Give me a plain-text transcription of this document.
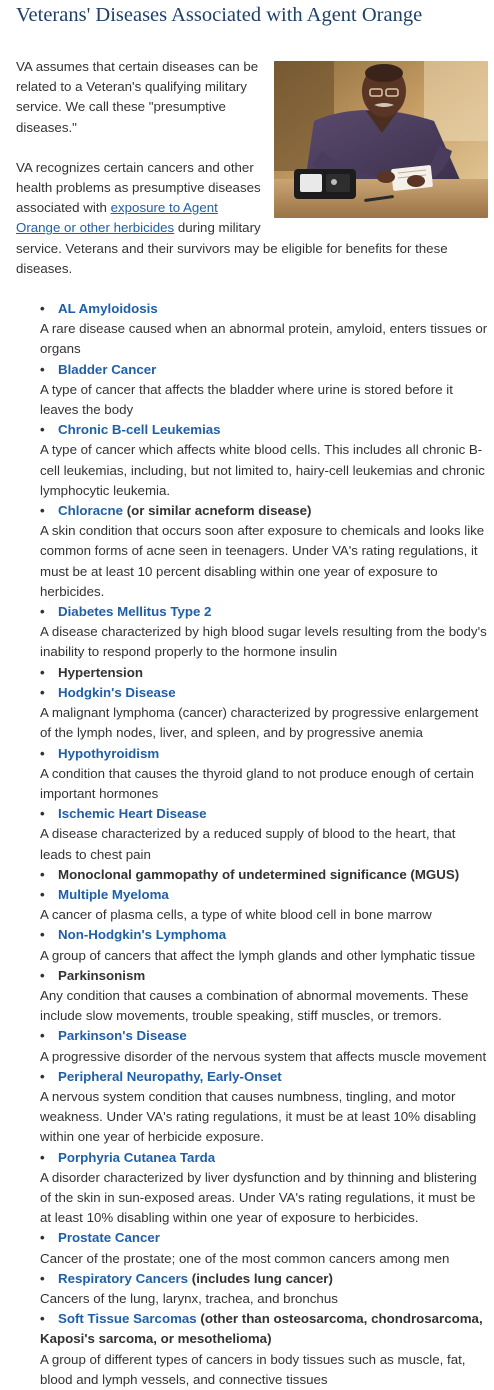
Veterans' Diseases Associated with Agent Orange

VA assumes that certain diseases can be related to a Veteran's qualifying military service. We call these "presumptive diseases."

VA recognizes certain cancers and other health problems as presumptive diseases associated with exposure to Agent Orange or other herbicides during military service. Veterans and their survivors may be eligible for benefits for these diseases.

• AL Amyloidosis

A rare disease caused when an abnormal protein, amyloid, enters tissues or organs

• Bladder Cancer

A type of cancer that affects the bladder where urine is stored before it leaves the body

• Chronic B-cell Leukemias

A type of cancer which affects white blood cells. This includes all chronic B-cell leukemias, including, but not limited to, hairy-cell leukemias and chronic lymphocytic leukemia.

• Chloracne (or similar acneform disease)

A skin condition that occurs soon after exposure to chemicals and looks like common forms of acne seen in teenagers. Under VA's rating regulations, it must be at least 10 percent disabling within one year of exposure to herbicides.

• Diabetes Mellitus Type 2

A disease characterized by high blood sugar levels resulting from the body's inability to respond properly to the hormone insulin

• Hypertension
• Hodgkin's Disease

A malignant lymphoma (cancer) characterized by progressive enlargement of the lymph nodes, liver, and spleen, and by progressive anemia

• Hypothyroidism

A condition that causes the thyroid gland to not produce enough of certain important hormones

• Ischemic Heart Disease

A disease characterized by a reduced supply of blood to the heart, that leads to chest pain

• Monoclonal gammopathy of undetermined significance (MGUS)
• Multiple Myeloma

A cancer of plasma cells, a type of white blood cell in bone marrow

• Non-Hodgkin's Lymphoma

A group of cancers that affect the lymph glands and other lymphatic tissue

• Parkinsonism

Any condition that causes a combination of abnormal movements. These include slow movements, trouble speaking, stiff muscles, or tremors.

• Parkinson's Disease

A progressive disorder of the nervous system that affects muscle movement

• Peripheral Neuropathy, Early-Onset

A nervous system condition that causes numbness, tingling, and motor weakness. Under VA's rating regulations, it must be at least 10% disabling within one year of herbicide exposure.

• Porphyria Cutanea Tarda

A disorder characterized by liver dysfunction and by thinning and blistering of the skin in sun-exposed areas. Under VA's rating regulations, it must be at least 10% disabling within one year of exposure to herbicides.

• Prostate Cancer

Cancer of the prostate; one of the most common cancers among men

• Respiratory Cancers (includes lung cancer)

Cancers of the lung, larynx, trachea, and bronchus

• Soft Tissue Sarcomas (other than osteosarcoma, chondrosarcoma, Kaposi's sarcoma, or mesothelioma)

A group of different types of cancers in body tissues such as muscle, fat, blood and lymph vessels, and connective tissues
